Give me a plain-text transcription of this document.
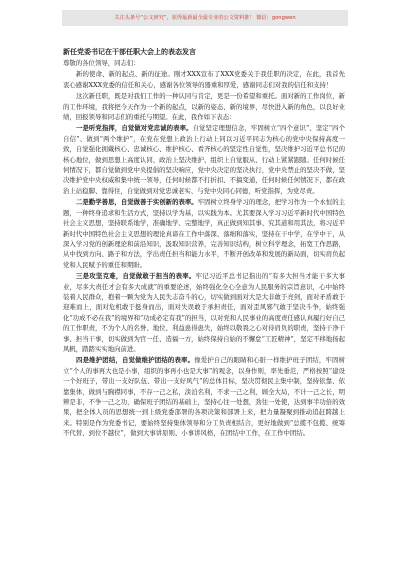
关注头条号“公文研究”，获得最新最全最专业的公文资料推！ 微信：gongwen

新任党委书记在干部任职大会上的表态发言

尊敬的各位领导，同志们：

新的使命、新的起点、新的征途。刚才XXX宣布了XXX党委关于我任职的决定，在此，我首先衷心感谢XXX党委的信任和关心，感谢各位领导的器重和厚爱，感谢同志们对我的信任和支持！

这次新任职，既是对我们工作的一种认同与肯定，更是一份希望和重托。面对新的工作岗位，新的工作环境，我将把今天作为一个新的起点，以新的姿态、新的境界，尽快进入新的角色，以良好业绩，回报领导和同志们的重托与期望。在此，我作如下表态：

一是听党指挥，自觉做对党忠诚的表率。自觉坚定理想信念，牢固树立“四个意识”、坚定“四个自信”、做到“两个维护”，在党在党想上政治上行动上同以习近平同志为核心的党中央保持高度一致，自觉强化拥戴核心、忠诚核心、维护核心、看齐核心的坚定性自觉性，坚决维护习近平总书记的核心地位，做到思想上高度认同、政治上坚决维护、组织上自觉服从、行动上紧紧跟随。任何时候任何情况下，都自觉做到党中央提倡的坚决响应，党中央决定的坚决执行，党中央禁止的坚决不做，坚决维护党中央权威和集中统一领导，任何时候都不打折扣、不搞变通，任何时候任何情况下，都在政治上站稳脚、靠得住，自觉做到对党忠诚老实、与党中央同心同德，听党指挥，为党尽责。

二是勤学善思，自觉做善于实创新的表率。牢固树立终身学习的理念，把学习作为一个永恒的主题，一种终身追求和生活方式，坚持以学为基，以实践为本。尤其要深入学习习近平新时代中国特色社会主义思想，坚持联系地学，准确地学、完整地学，真正做到知其事、究其道和用其法，将习近平新时代中国特色社会主义思想的理论真谛在工作中落深、落细和落实，坚持在干中学，在学中干，从深入学习党的创新理论和前沿知识，汲取知识营养，完善知识结构，树立科学理念，拓宽工作思路，从中找到方向、路子和方法，学出责任担当和能力水平，不断开创改革和发展的新局面，切实肩负起党和人民赋予的重任和期盼。

三是攻坚克难，自觉做敢于担当的表率。牢记习近平总书记指出的“有多大担当才能干多大事业，尽多大责任才会有多大成就”的重要论述，始终强化全心全意为人民服务的宗旨意识，心中始终装着人民群众，抱着一颗为党为人民失志奋斗的心，切实做到面对大是大非敢于亮剑，面对矛盾敢于迎难而上，面对危机敢于挺身而出，面对失误敢于承担责任，面对歪风邪气敢于坚决斗争，始终强化“功成不必在我”的境界和“功成必定有我”的担当，以对党和人民事业的高度责任感认真履行好自己的工作职责，不为个人的名誉、地位、利益患得患失，始终以敬畏之心对待肩负的职责，坚持干净干事、担当干事，切实做到为官一任、造福一方，始终保持自始的不懈怠“工匠精神”，坚定不移地扬起风帆，踏踏实实地向前进。

四是维护团结，自觉做维护团结的表率。像爱护自己的眼睛和心脏一样维护班子团结，牢固树立“个人的事再大也是小事，组织的事再小也是大事”的观念，以身作则，率先垂范，严格按照“建设一个好班子，带出一支好队伍、带出一支好风气”的总体目标，坚决贯彻民主集中制，坚持依靠、依靠集体，做到与胸襟同事，不存一己之私，淡泊名利，不求一己之利，顾全大局，不计一己之长，明辨是非，不争一己之功，确保班子团结的基础上，坚持心往一处想，劲往一处使，达到事半功倍的效果，把全体人员的思想统一到上级党委部署的各项决策和部署上来，把力量凝聚到推动追赶跨越上来。特别是作为党委书记，要始终坚持集体领导和分工负责相结合，更好地做到“总揽不包揽、统筹不代替、到位不越位”，做到大事讲原则、小事讲风格，在团结中工作，在工作中团结。
